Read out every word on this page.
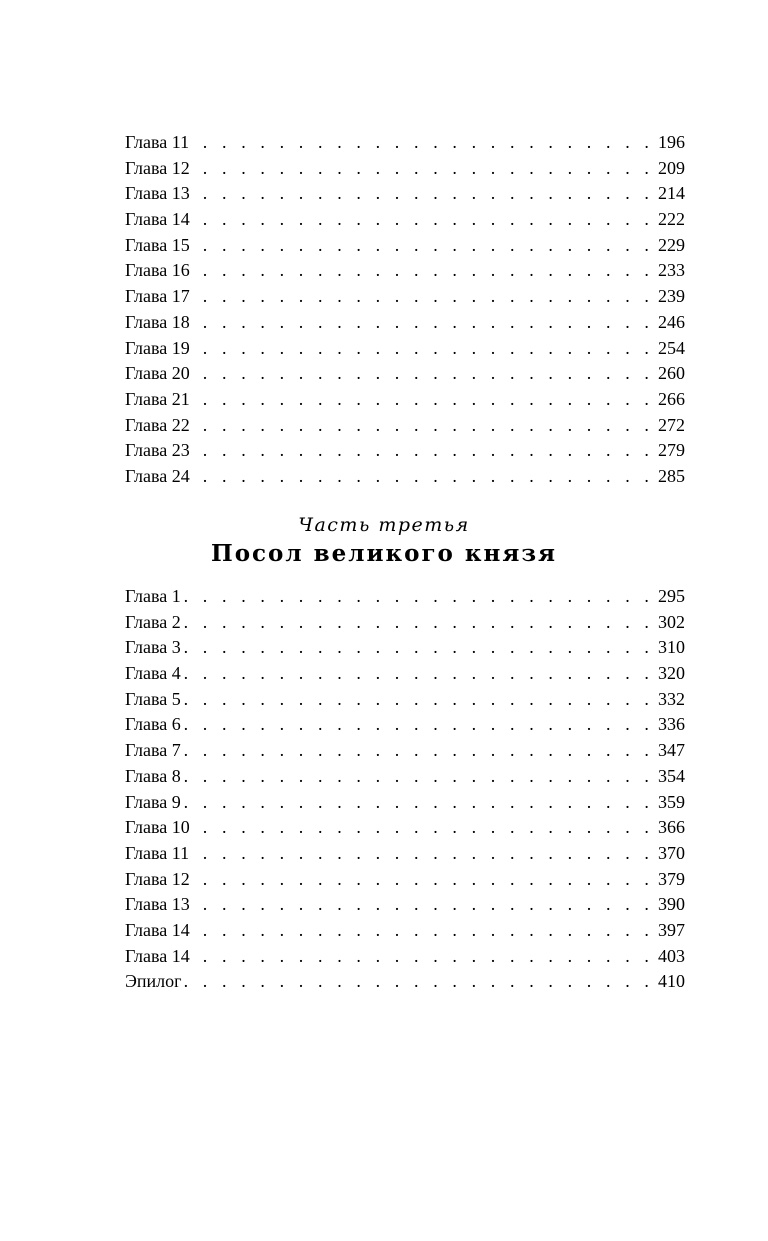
Глава 11 . . .	196
Глава 12 . . .	209
Глава 13 . . .	214
Глава 14 . . .	222
Глава 15 . . .	229
Глава 16 . . .	233
Глава 17 . . .	239
Глава 18 . . .	246
Глава 19 . . .	254
Глава 20 . . .	260
Глава 21 . . .	266
Глава 22 . . .	272
Глава 23 . . .	279
Глава 24 . . .	285
Часть третья
Посол великого князя
Глава 1 . . .	295
Глава 2 . . .	302
Глава 3 . . .	310
Глава 4 . . .	320
Глава 5 . . .	332
Глава 6 . . .	336
Глава 7 . . .	347
Глава 8 . . .	354
Глава 9 . . .	359
Глава 10 . . .	366
Глава 11 . . .	370
Глава 12 . . .	379
Глава 13 . . .	390
Глава 14 . . .	397
Глава 14 . . .	403
Эпилог . . .	410
